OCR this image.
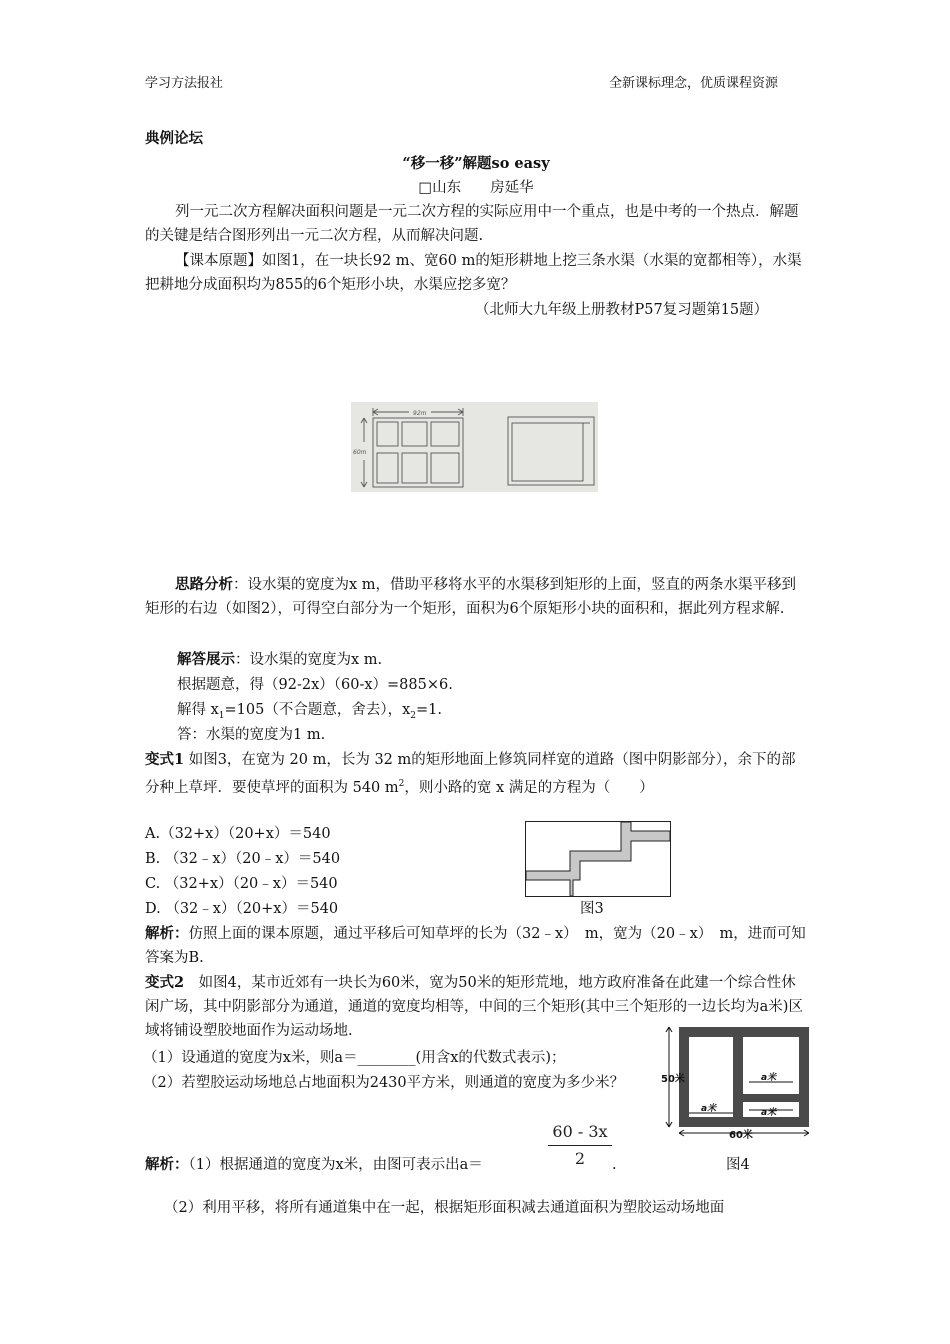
学习方法报社	全新课标理念，优质课程资源
典例论坛
“移一移”解题so easy
□山东　　房延华
列一元二次方程解决面积问题是一元二次方程的实际应用中一个重点，也是中考的一个热点．解题的关键是结合图形列出一元二次方程，从而解决问题.
【课本原题】如图1，在一块长92 m、宽60 m的矩形耕地上挖三条水渠（水渠的宽都相等），水渠把耕地分成面积均为855的6个矩形小块，水渠应挖多宽？
（北师大九年级上册教材P57复习题第15题）
92m
60m
思路分析：设水渠的宽度为x m，借助平移将水平的水渠移到矩形的上面，竖直的两条水渠平移到矩形的右边（如图2），可得空白部分为一个矩形，面积为6个原矩形小块的面积和，据此列方程求解.
解答展示：设水渠的宽度为x m.
根据题意，得（92-2x）（60-x）=885×6.
解得 $x_1=105$（不合题意，舍去），$x_2=1$.
答：水渠的宽度为1 m.
变式1 如图3，在宽为 20 m，长为 32 m的矩形地面上修筑同样宽的道路（图中阴影部分），余下的部分种上草坪．要使草坪的面积为 540 $m^2$，则小路的宽 x 满足的方程为（　　）
A.（32+x）（20+x）＝540
B. （32﹣x）（20﹣x）＝540
C. （32+x）（20﹣x）＝540
D. （32﹣x）（20+x）＝540	图3
解析：仿照上面的课本原题，通过平移后可知草坪的长为（32﹣x）　m，宽为（20﹣x）　m，进而可知答案为B.
变式2　如图4，某市近郊有一块长为60米，宽为50米的矩形荒地，地方政府准备在此建一个综合性休闲广场，其中阴影部分为通道，通道的宽度均相等，中间的三个矩形(其中三个矩形的一边长均为a米)区域将铺设塑胶地面作为运动场地.
（1）设通道的宽度为x米，则a＝________(用含x的代数式表示)；
（2）若塑胶运动场地总占地面积为2430平方米，则通道的宽度为多少米？	50米
60米
a米
a米
a米
图4
解析：（1）根据通道的宽度为x米，由图可表示出a＝
60 - 3x
2	.
（2）利用平移，将所有通道集中在一起，根据矩形面积减去通道面积为塑胶运动场地面
